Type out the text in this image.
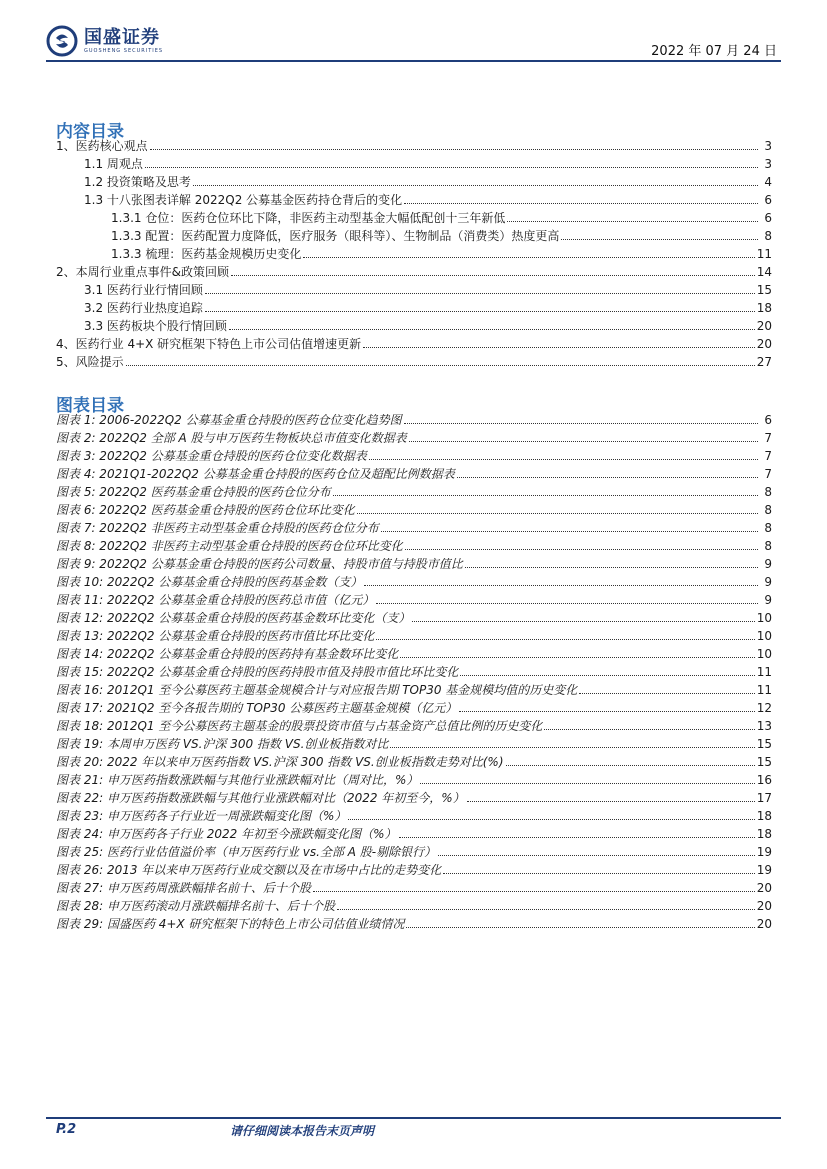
国盛证券
GUOSHENG SECURITIES	2022 年 07 月 24 日
内容目录
1、医药核心观点	3
1.1 周观点	3
1.2 投资策略及思考	4
1.3 十八张图表详解 2022Q2 公募基金医药持仓背后的变化	6
1.3.1 仓位：医药仓位环比下降，非医药主动型基金大幅低配创十三年新低	6
1.3.3 配置：医药配置力度降低，医疗服务（眼科等）、生物制品（消费类）热度更高	8
1.3.3 梳理：医药基金规模历史变化	11
2、本周行业重点事件&政策回顾	14
3.1 医药行业行情回顾	15
3.2 医药行业热度追踪	18
3.3 医药板块个股行情回顾	20
4、医药行业 4+X 研究框架下特色上市公司估值增速更新	20
5、风险提示	27
图表目录
图表 1: 2006-2022Q2 公募基金重仓持股的医药仓位变化趋势图	6
图表 2: 2022Q2 全部 A 股与申万医药生物板块总市值变化数据表	7
图表 3: 2022Q2 公募基金重仓持股的医药仓位变化数据表	7
图表 4: 2021Q1-2022Q2 公募基金重仓持股的医药仓位及超配比例数据表	7
图表 5: 2022Q2 医药基金重仓持股的医药仓位分布	8
图表 6: 2022Q2 医药基金重仓持股的医药仓位环比变化	8
图表 7: 2022Q2 非医药主动型基金重仓持股的医药仓位分布	8
图表 8: 2022Q2 非医药主动型基金重仓持股的医药仓位环比变化	8
图表 9: 2022Q2 公募基金重仓持股的医药公司数量、持股市值与持股市值比	9
图表 10: 2022Q2 公募基金重仓持股的医药基金数（支）	9
图表 11: 2022Q2 公募基金重仓持股的医药总市值（亿元）	9
图表 12: 2022Q2 公募基金重仓持股的医药基金数环比变化（支）	10
图表 13: 2022Q2 公募基金重仓持股的医药市值比环比变化	10
图表 14: 2022Q2 公募基金重仓持股的医药持有基金数环比变化	10
图表 15: 2022Q2 公募基金重仓持股的医药持股市值及持股市值比环比变化	11
图表 16: 2012Q1 至今公募医药主题基金规模合计与对应报告期 TOP30 基金规模均值的历史变化	11
图表 17: 2021Q2 至今各报告期的 TOP30 公募医药主题基金规模（亿元）	12
图表 18: 2012Q1 至今公募医药主题基金的股票投资市值与占基金资产总值比例的历史变化	13
图表 19: 本周申万医药 VS.沪深 300 指数 VS.创业板指数对比	15
图表 20: 2022 年以来申万医药指数 VS.沪深 300 指数 VS.创业板指数走势对比(%)	15
图表 21: 申万医药指数涨跌幅与其他行业涨跌幅对比（周对比，%）	16
图表 22: 申万医药指数涨跌幅与其他行业涨跌幅对比（2022 年初至今，%）	17
图表 23: 申万医药各子行业近一周涨跌幅变化图（%）	18
图表 24: 申万医药各子行业 2022 年初至今涨跌幅变化图（%）	18
图表 25: 医药行业估值溢价率（申万医药行业 vs.全部 A 股-剔除银行）	19
图表 26: 2013 年以来申万医药行业成交额以及在市场中占比的走势变化	19
图表 27: 申万医药周涨跌幅排名前十、后十个股	20
图表 28: 申万医药滚动月涨跌幅排名前十、后十个股	20
图表 29: 国盛医药 4+X 研究框架下的特色上市公司估值业绩情况	20
P.2	请仔细阅读本报告末页声明
